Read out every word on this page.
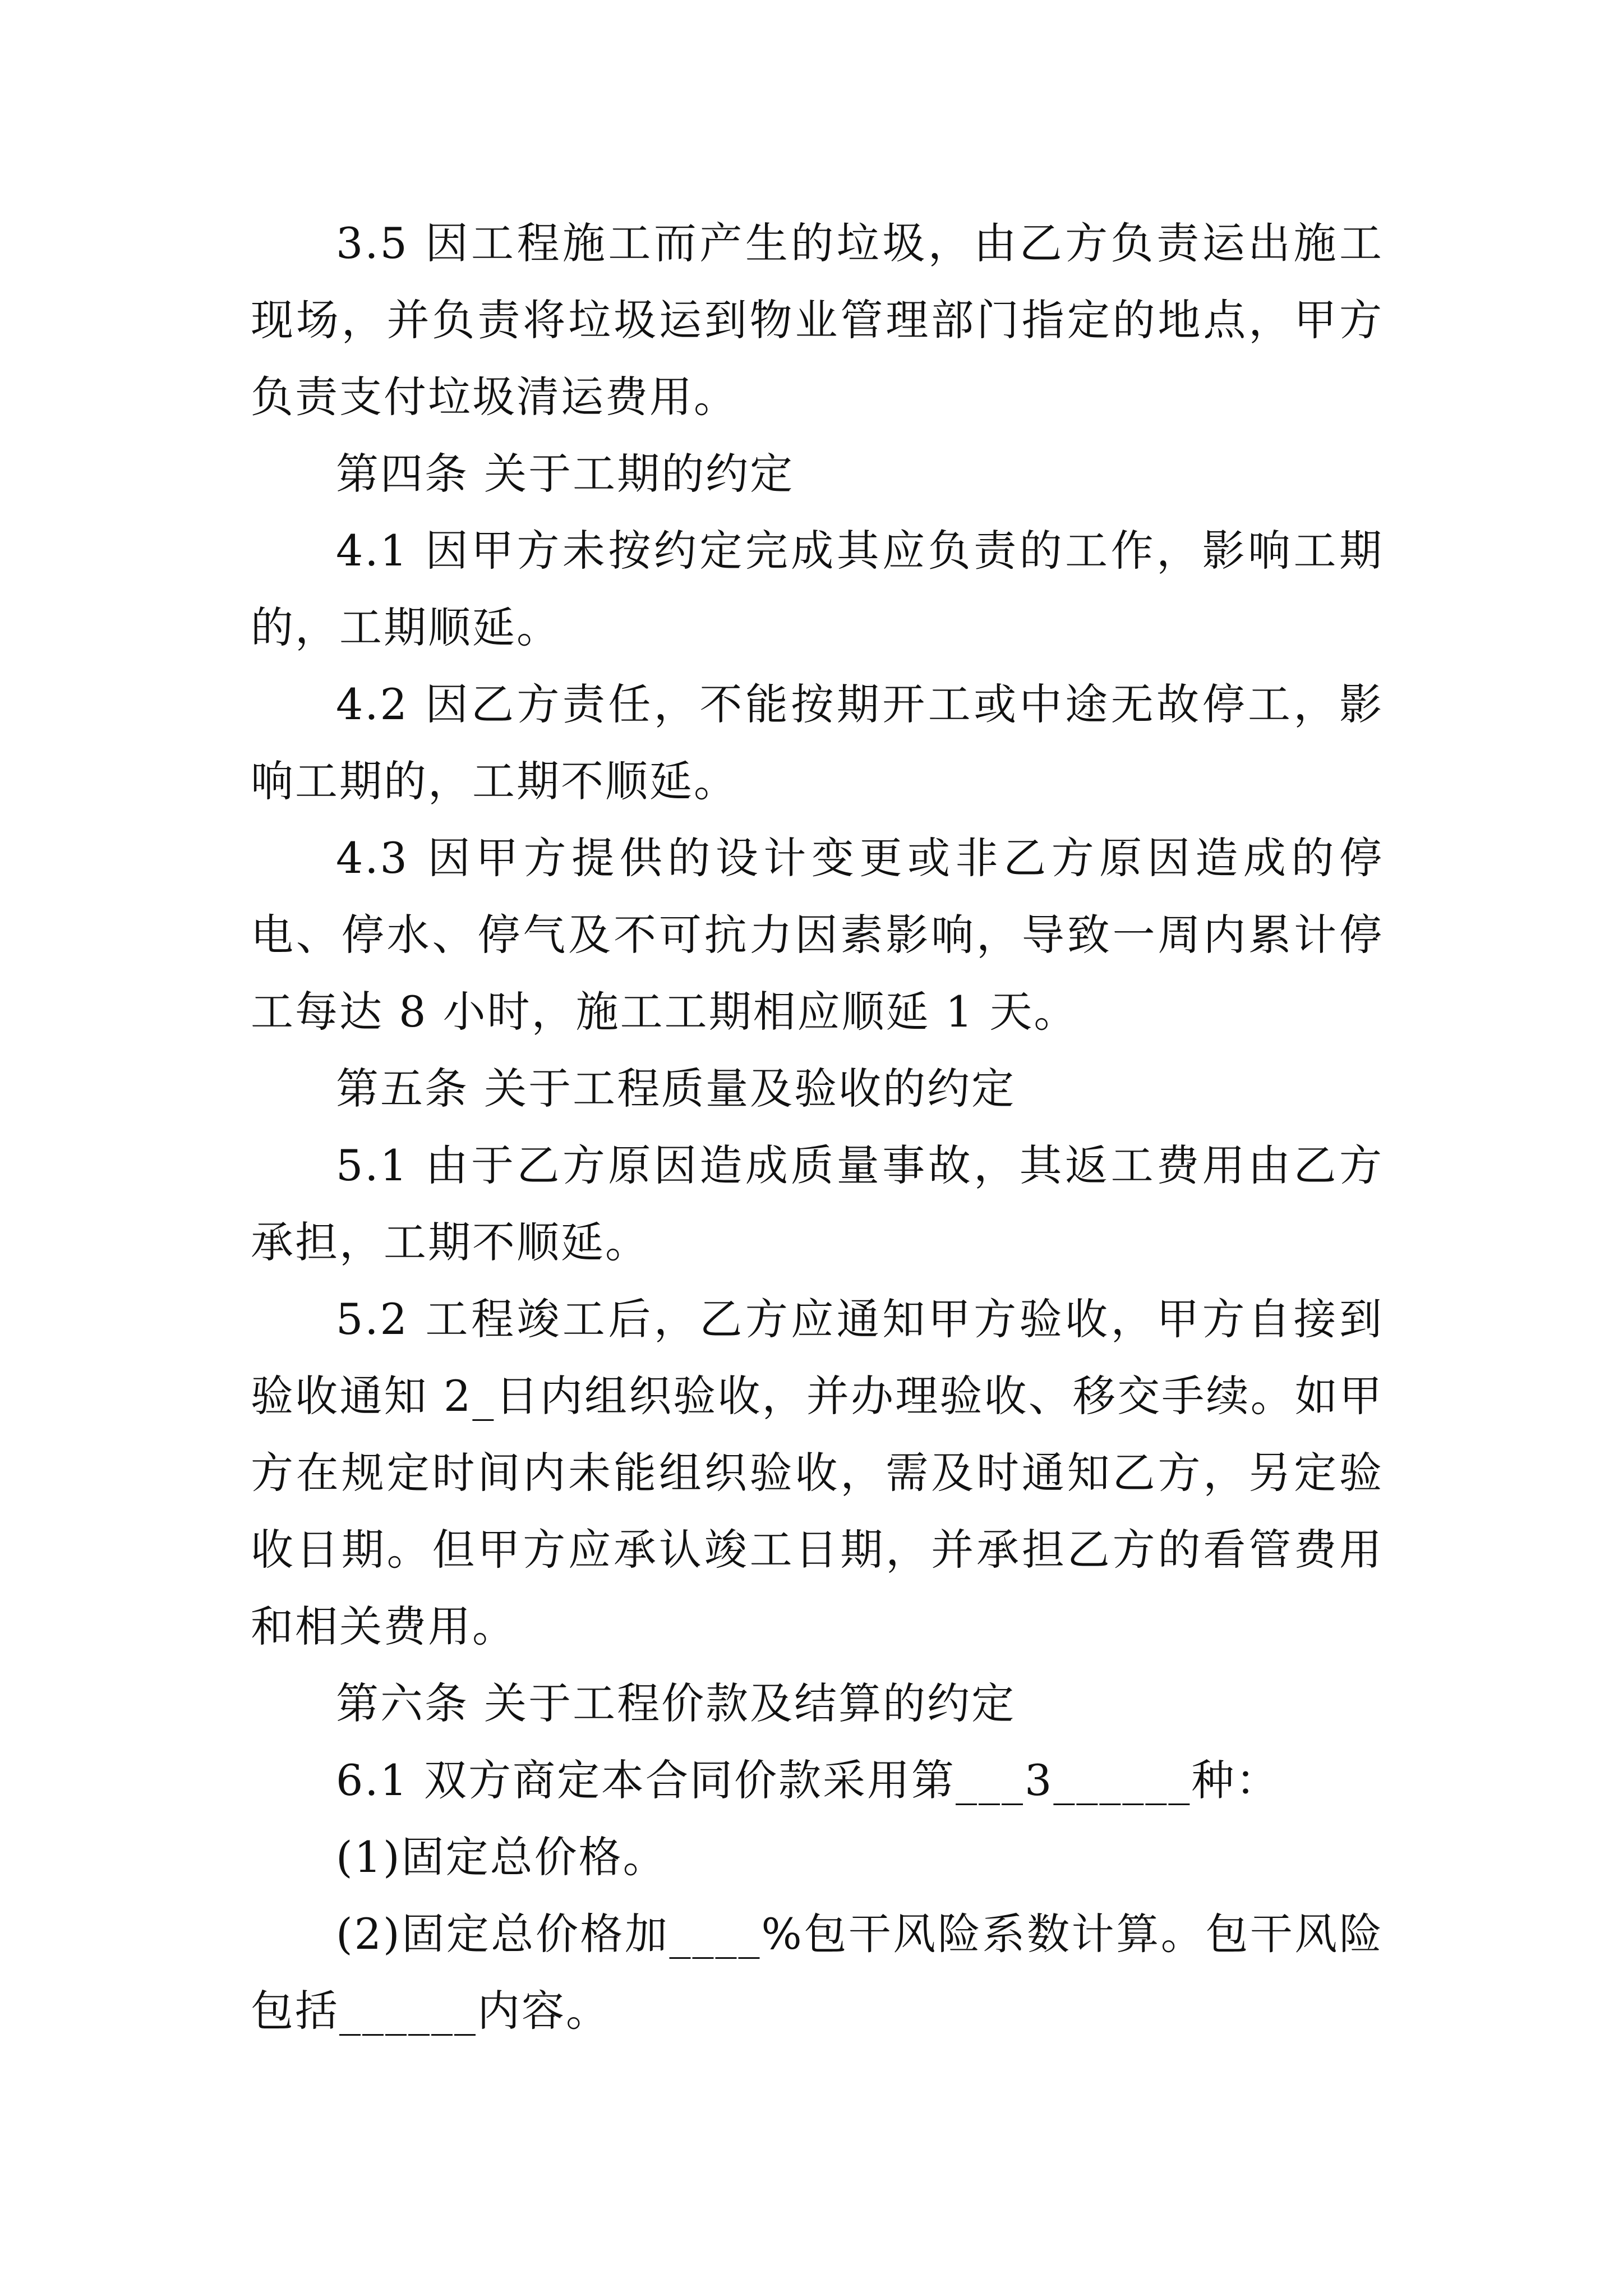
3.5 因工程施工而产生的垃圾，由乙方负责运出施工现场，并负责将垃圾运到物业管理部门指定的地点，甲方负责支付垃圾清运费用。

第四条 关于工期的约定

4.1 因甲方未按约定完成其应负责的工作，影响工期的，工期顺延。

4.2 因乙方责任，不能按期开工或中途无故停工，影响工期的，工期不顺延。

4.3 因甲方提供的设计变更或非乙方原因造成的停电、停水、停气及不可抗力因素影响，导致一周内累计停工每达 8 小时，施工工期相应顺延 1 天。

第五条 关于工程质量及验收的约定

5.1 由于乙方原因造成质量事故，其返工费用由乙方承担，工期不顺延。

5.2 工程竣工后，乙方应通知甲方验收，甲方自接到验收通知 2_日内组织验收，并办理验收、移交手续。如甲方在规定时间内未能组织验收，需及时通知乙方，另定验收日期。但甲方应承认竣工日期，并承担乙方的看管费用和相关费用。

第六条 关于工程价款及结算的约定

6.1 双方商定本合同价款采用第___3______种：

(1)固定总价格。

(2)固定总价格加____%包干风险系数计算。包干风险包括______内容。
